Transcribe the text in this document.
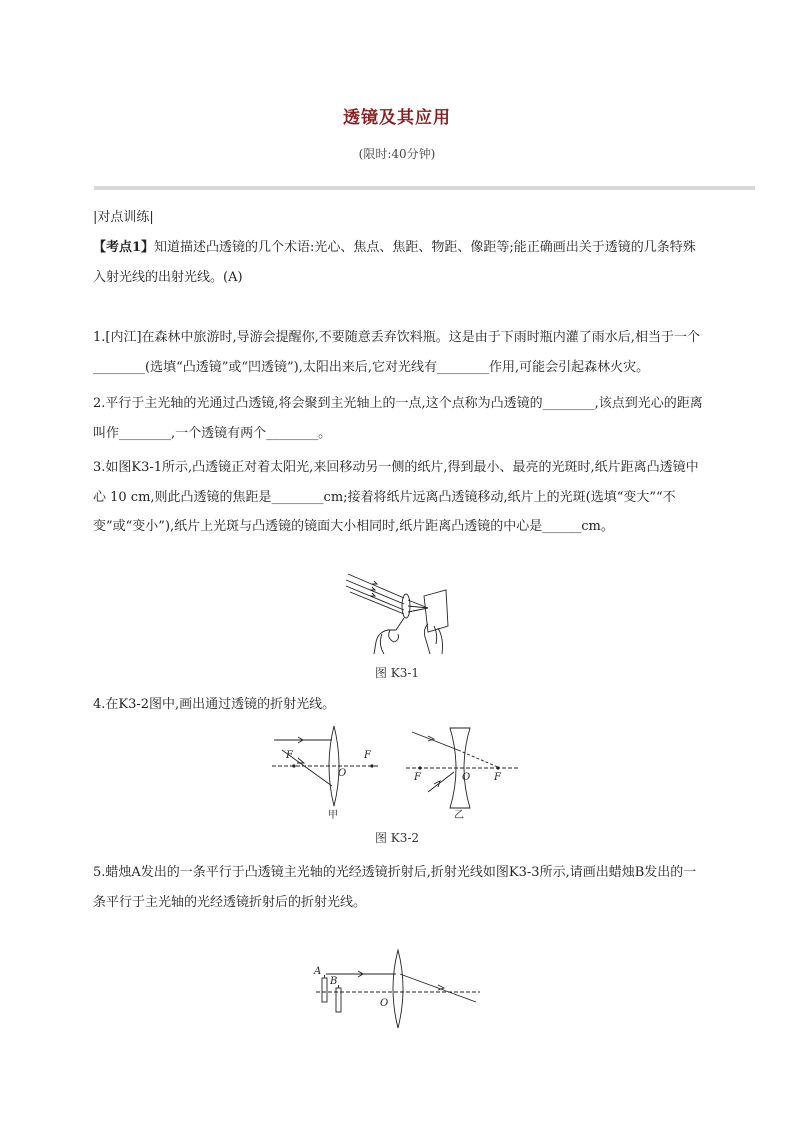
透镜及其应用
(限时:40分钟)
|对点训练|
【考点1】知道描述凸透镜的几个术语:光心、焦点、焦距、物距、像距等;能正确画出关于透镜的几条特殊入射光线的出射光线。(A)
1.[内江]在森林中旅游时,导游会提醒你,不要随意丢弃饮料瓶。这是由于下雨时瓶内灌了雨水后,相当于一个________(选填“凸透镜”或“凹透镜”),太阳出来后,它对光线有________作用,可能会引起森林火灾。
2.平行于主光轴的光通过凸透镜,将会聚到主光轴上的一点,这个点称为凸透镜的________,该点到光心的距离叫作________,一个透镜有两个________。
3.如图K3-1所示,凸透镜正对着太阳光,来回移动另一侧的纸片,得到最小、最亮的光斑时,纸片距离凸透镜中心 10 cm,则此凸透镜的焦距是________cm;接着将纸片远离凸透镜移动,纸片上的光斑(选填“变大”“不变”或“变小”),纸片上光斑与凸透镜的镜面大小相同时,纸片距离凸透镜的中心是______cm。
图 K3-1
4.在K3-2图中,画出通过透镜的折射光线。
F	F
O
甲
F	F
O
乙
图 K3-2
5.蜡烛A发出的一条平行于凸透镜主光轴的光经透镜折射后,折射光线如图K3-3所示,请画出蜡烛B发出的一条平行于主光轴的光经透镜折射后的折射光线。
A
B
O
